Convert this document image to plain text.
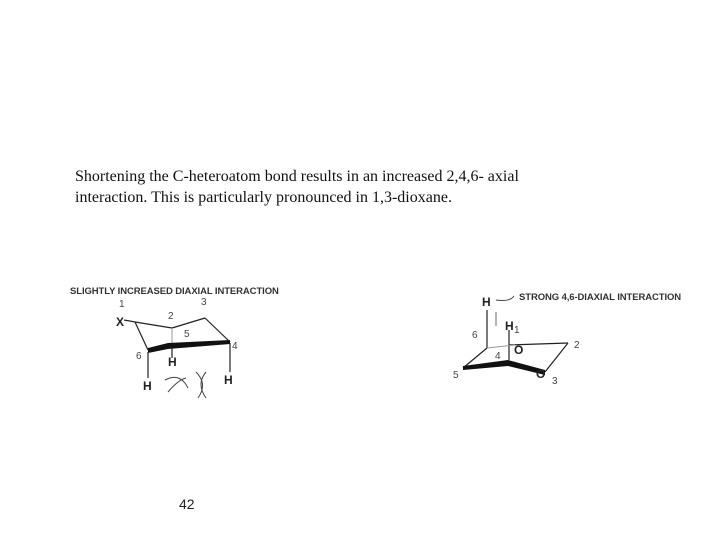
Shortening the C-heteroatom bond results in an increased 2,4,6- axial
interaction. This is particularly pronounced in 1,3-dioxane.
SLIGHTLY INCREASED DIAXIAL INTERACTION
1
2
3
4
5
6
X
H
H	H
STRONG 4,6-DIAXIAL INTERACTION
H
H 1
6
4
5
2
3
O
O
42
